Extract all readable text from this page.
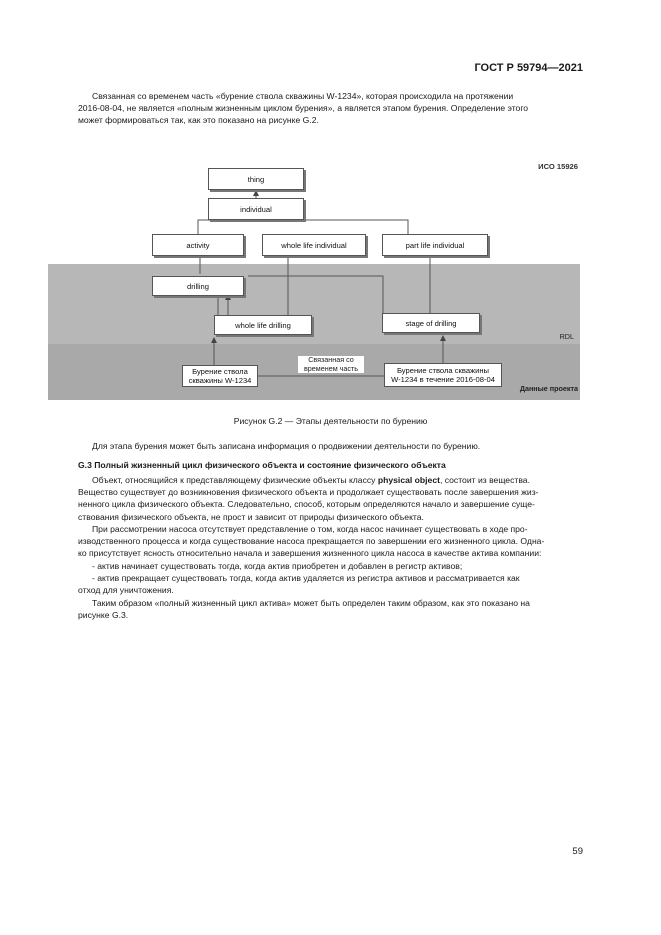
ГОСТ Р 59794—2021
Связанная со временем часть «бурение ствола скважины W-1234», которая происходила на протяжении
2016-08-04, не является «полным жизненным циклом бурения», а является этапом бурения. Определение этого
может формироваться так, как это показано на рисунке G.2.
ИСО 15926
thing
individual
activity	whole life individual	part life individual
drilling
whole life drilling	stage of drilling
RDL
Бурение ствола
скважины W-1234
Бурение ствола скважины
W-1234 в течение 2016-08-04
Связанная со
временем часть
Данные проекта
Рисунок G.2 — Этапы деятельности по бурению
Для этапа бурения может быть записана информация о продвижении деятельности по бурению.
G.3 Полный жизненный цикл физического объекта и состояние физического объекта
Объект, относящийся к представляющему физические объекты классу physical object, состоит из вещества.
Вещество существует до возникновения физического объекта и продолжает существовать после завершения жиз-
ненного цикла физического объекта. Следовательно, способ, которым определяются начало и завершение суще-
ствования физического объекта, не прост и зависит от природы физического объекта.
При рассмотрении насоса отсутствует представление о том, когда насос начинает существовать в ходе про-
изводственного процесса и когда существование насоса прекращается по завершении его жизненного цикла. Одна-
ко присутствует ясность относительно начала и завершения жизненного цикла насоса в качестве актива компании:
- актив начинает существовать тогда, когда актив приобретен и добавлен в регистр активов;
- актив прекращает существовать тогда, когда актив удаляется из регистра активов и рассматривается как
отход для уничтожения.
Таким образом «полный жизненный цикл актива» может быть определен таким образом, как это показано на
рисунке G.3.
59
